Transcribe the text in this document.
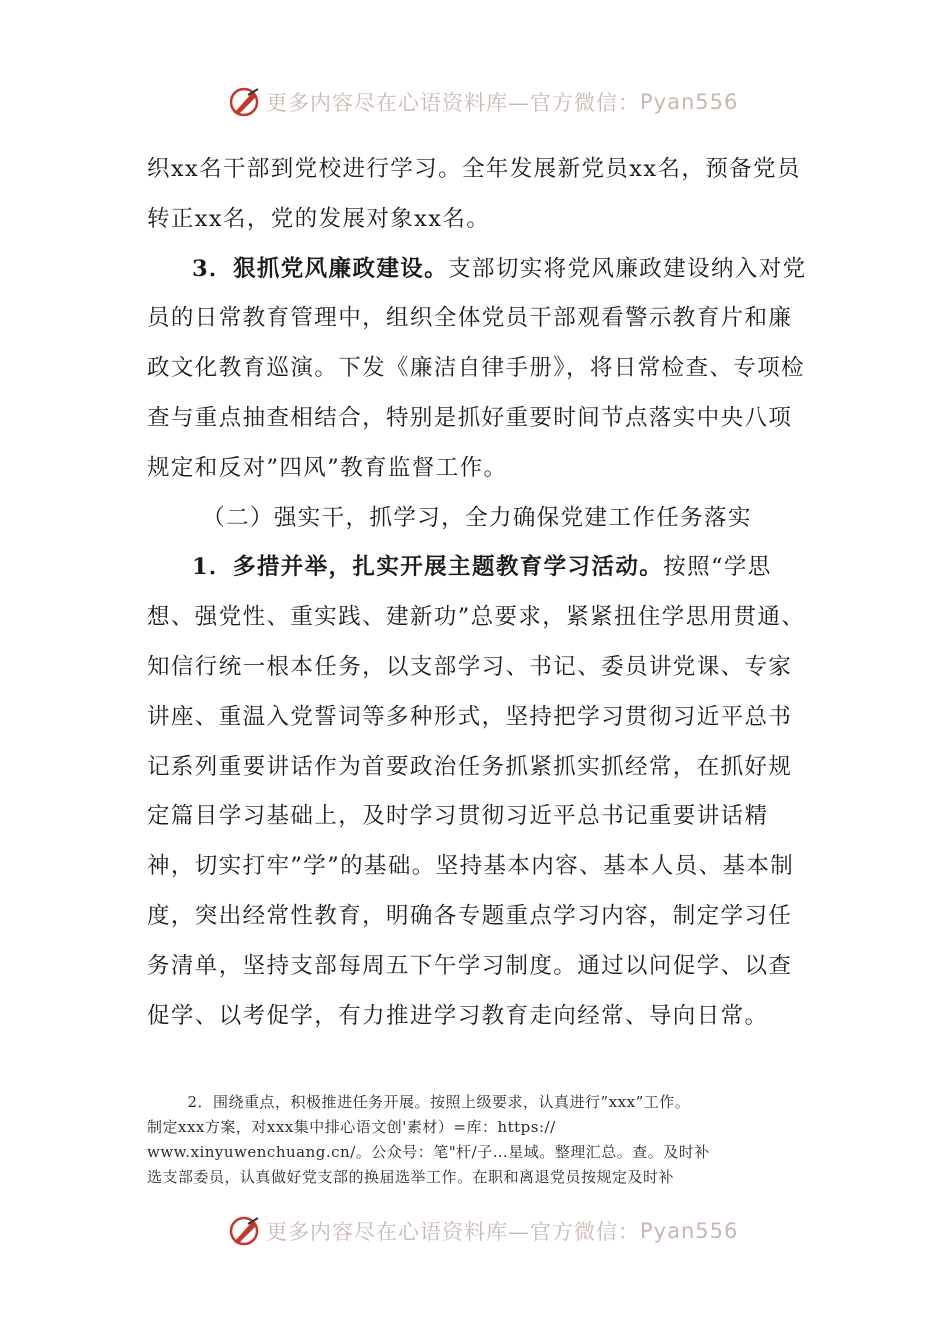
更多内容尽在心语资料库—官方微信： Pyan556

织xx名干部到党校进行学习。全年发展新党员xx名，预备党员转正xx名，党的发展对象xx名。

3．狠抓党风廉政建设。支部切实将党风廉政建设纳入对党员的日常教育管理中，组织全体党员干部观看警示教育片和廉政文化教育巡演。下发《廉洁自律手册》，将日常检查、专项检查与重点抽查相结合，特别是抓好重要时间节点落实中央八项规定和反对”四风”教育监督工作。

（二）强实干，抓学习，全力确保党建工作任务落实

1．多措并举，扎实开展主题教育学习活动。按照“学思想、强党性、重实践、建新功”总要求，紧紧扭住学思用贯通、知信行统一根本任务，以支部学习、书记、委员讲党课、专家讲座、重温入党誓词等多种形式，坚持把学习贯彻习近平总书记系列重要讲话作为首要政治任务抓紧抓实抓经常，在抓好规定篇目学习基础上，及时学习贯彻习近平总书记重要讲话精神，切实打牢”学”的基础。坚持基本内容、基本人员、基本制度，突出经常性教育，明确各专题重点学习内容，制定学习任务清单，坚持支部每周五下午学习制度。通过以问促学、以查促学、以考促学，有力推进学习教育走向经常、导向日常。

2．围绕重点，积极推进任务开展。按照上级要求，认真进行”xxx”工作。

制定xxx方案，对xxx集中排心语文创'素材）=库：https://

www.xinyuwenchuang.cn/。公众号：笔"杆/子…星域。整理汇总。查。及时补

选支部委员，认真做好党支部的换届选举工作。在职和离退党员按规定及时补

更多内容尽在心语资料库—官方微信： Pyan556
